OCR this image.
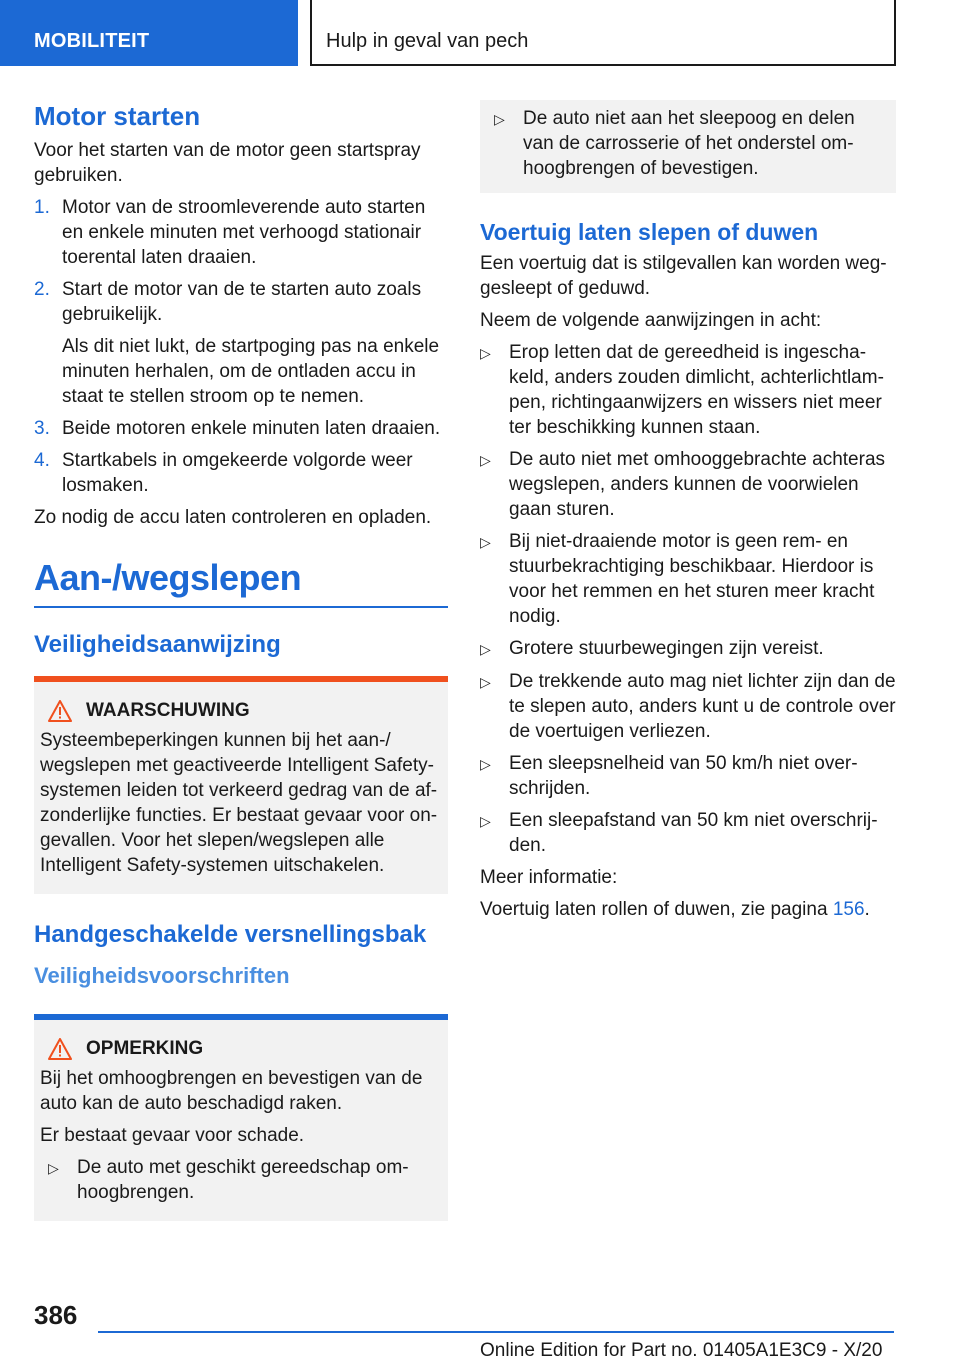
MOBILITEIT	Hulp in geval van pech

Motor starten

Voor het starten van de motor geen startspray gebruiken.

1. Motor van de stroomleverende auto starten en enkele minuten met verhoogd stationair toerental laten draaien.
2. Start de motor van de te starten auto zoals gebruikelijk.

Als dit niet lukt, de startpoging pas na enkele minuten herhalen, om de ontladen accu in staat te stellen stroom op te nemen.

3. Beide motoren enkele minuten laten draaien.
4. Startkabels in omgekeerde volgorde weer losmaken.

Zo nodig de accu laten controleren en opladen.

Aan-/wegslepen

Veiligheidsaanwijzing

WAARSCHUWING

Systeembeperkingen kunnen bij het aan-/ wegslepen met geactiveerde Intelligent Safety-systemen leiden tot verkeerd gedrag van de afzonderlijke functies. Er bestaat gevaar voor ongevallen. Voor het slepen/wegslepen alle Intelligent Safety-systemen uitschakelen.

Handgeschakelde versnellingsbak

Veiligheidsvoorschriften

OPMERKING

Bij het omhoogbrengen en bevestigen van de auto kan de auto beschadigd raken.

Er bestaat gevaar voor schade.

▷ De auto met geschikt gereedschap omhoogbrengen.
▷ De auto niet aan het sleepoog en delen van de carrosserie of het onderstel omhoogbrengen of bevestigen.

Voertuig laten slepen of duwen

Een voertuig dat is stilgevallen kan worden weggesleept of geduwd.

Neem de volgende aanwijzingen in acht:

▷ Erop letten dat de gereedheid is ingeschakeld, anders zouden dimlicht, achterlichtlampen, richtingaanwijzers en wissers niet meer ter beschikking kunnen staan.
▷ De auto niet met omhooggebrachte achteras wegslepen, anders kunnen de voorwielen gaan sturen.
▷ Bij niet-draaiende motor is geen rem- en stuurbekrachtiging beschikbaar. Hierdoor is voor het remmen en het sturen meer kracht nodig.
▷ Grotere stuurbewegingen zijn vereist.
▷ De trekkende auto mag niet lichter zijn dan de te slepen auto, anders kunt u de controle over de voertuigen verliezen.
▷ Een sleepsnelheid van 50 km/h niet overschrijden.
▷ Een sleepafstand van 50 km niet overschrijden.

Meer informatie:

Voertuig laten rollen of duwen, zie pagina 156.

386
Online Edition for Part no. 01405A1E3C9 - X/20
